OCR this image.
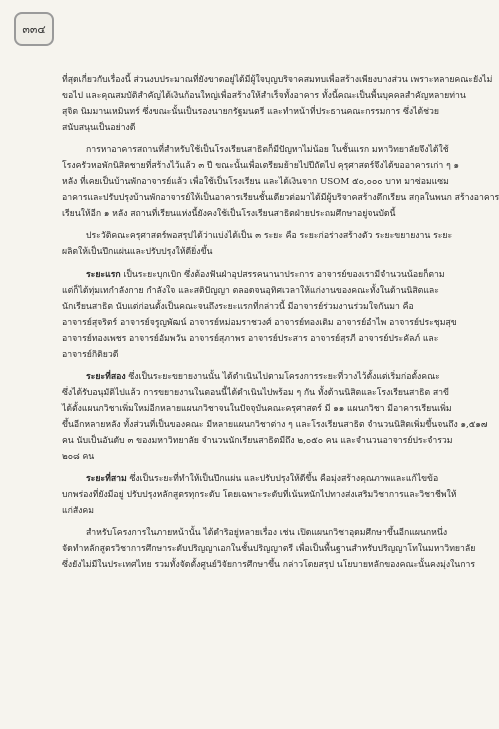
๓๓๔
ที่สุดเกี่ยวกับเรื่องนี้ ส่วนงบประมาณที่ยังขาดอยู่ได้มีผู้ใจบุญบริจาคสมทบเพื่อสร้างเพียงบางส่วน เพราะหลายคณะยังไม่
ขอไป และคุณสมบัติสำคัญได้เงินก้อนใหญ่เพื่อสร้างให้สำเร็จทั้งอาคาร ทั้งนี้คณะเป็นพื้นบุคคลสำคัญหลายท่าน
สุจิต นิมมานเหมินทร์ ซึ่งขณะนั้นเป็นรองนายกรัฐมนตรี และทำหน้าที่ประธานคณะกรรมการ ซึ่งได้ช่วย
สนับสนุนเป็นอย่างดี
การหาอาคารสถานที่สำหรับใช้เป็นโรงเรียนสาธิตก็มีปัญหาไม่น้อย ในชั้นแรก มหาวิทยาลัยจึงได้ใช้
โรงครัวหอพักนิสิตชายที่สร้างไว้แล้ว ๓ ปี ขณะนั้นเพื่อเตรียมย้ายไปปีถัดไป คุรุศาสตร์จึงได้ขออาคารเก่า ๆ ๑
หลัง ที่เคยเป็นบ้านพักอาจารย์แล้ว เพื่อใช้เป็นโรงเรียน และได้เงินจาก USOM ๕๐,๐๐๐ บาท มาซ่อมแซม
อาคารและปรับปรุงบ้านพักอาจารย์ให้เป็นอาคารเรียนชั้นเดียวต่อมาได้มีผู้บริจาคสร้างตึกเรียน สกุลในพนก สร้างอาคาร
เรียนให้อีก ๑ หลัง สถานที่เรียนแห่งนี้ยังคงใช้เป็นโรงเรียนสาธิตฝ่ายประถมศึกษาอยู่จนบัดนี้
ประวัติคณะครุศาสตร์พอสรุปได้ว่าแบ่งได้เป็น ๓ ระยะ คือ ระยะก่อร่างสร้างตัว ระยะขยายงาน ระยะ
ผลิตให้เป็นปึกแผ่นและปรับปรุงให้ดียิ่งขึ้น
ระยะแรก เป็นระยะบุกเบิก ซึ่งต้องฟันฝ่าอุปสรรคนานาประการ อาจารย์ของเรามีจำนวนน้อยก็ตาม
แต่ก็ได้ทุ่มเทกำลังกาย กำลังใจ และสติปัญญา ตลอดจนอุทิศเวลาให้แก่งานของคณะทั้งในด้านนิสิตและ
นักเรียนสาธิต นับแต่ก่อนตั้งเป็นคณะจนถึงระยะแรกที่กล่าวนี้ มีอาจารย์ร่วมงานร่วมใจกันมา คือ
อาจารย์สุจริตร์ อาจารย์จรูญพัฒน์ อาจารย์หม่อมราชวงศ์ อาจารย์ทองเติม อาจารย์อำไพ อาจารย์ประชุมสุข
อาจารย์ทองเพชร อาจารย์อัมพวัน อาจารย์สุภาพร อาจารย์ประสาร อาจารย์สุรภี อาจารย์ประคัลภ์ และ
อาจารย์กิติยวดี
ระยะที่สอง ซึ่งเป็นระยะขยายงานนั้น ได้ดำเนินไปตามโครงการระยะที่วางไว้ตั้งแต่เริ่มก่อตั้งคณะ
ซึ่งได้รับอนุมัติไปแล้ว การขยายงานในตอนนี้ได้ดำเนินไปพร้อม ๆ กัน ทั้งด้านนิสิตและโรงเรียนสาธิต สาขี
ได้ตั้งแผนกวิชาเพิ่มใหม่อีกหลายแผนกวิชาจนในปัจจุบันคณะครุศาสตร์ มี ๑๑ แผนกวิชา มีอาคารเรียนเพิ่ม
ขึ้นอีกหลายหลัง ทั้งส่วนที่เป็นของคณะ มีหลายแผนกวิชาต่าง ๆ และโรงเรียนสาธิต จำนวนนิสิตเพิ่มขึ้นจนถึง ๑,๕๑๗
คน นับเป็นอันดับ ๓ ของมหาวิทยาลัย จำนวนนักเรียนสาธิตมีถึง ๒,๐๕๐ คน และจำนวนอาจารย์ประจำรวม
๒๐๘ คน
ระยะที่สาม ซึ่งเป็นระยะที่ทำให้เป็นปึกแผ่น และปรับปรุงให้ดีขึ้น คือมุ่งสร้างคุณภาพและแก้ไขข้อ
บกพร่องที่ยังมีอยู่ ปรับปรุงหลักสูตรทุกระดับ โดยเฉพาะระดับที่เน้นหนักไปทางส่งเสริมวิชาการและวิชาชีพให้
แก่สังคม
สำหรับโครงการในภายหน้านั้น ได้ดำริอยู่หลายเรื่อง เช่น เปิดแผนกวิชาอุดมศึกษาขึ้นอีกแผนกหนึ่ง
จัดทำหลักสูตรวิชาการศึกษาระดับปริญญาเอกในชั้นปริญญาตรี เพื่อเป็นพื้นฐานสำหรับปริญญาโทในมหาวิทยาลัย
ซึ่งยังไม่มีในประเทศไทย รวมทั้งจัดตั้งศูนย์วิจัยการศึกษาขึ้น กล่าวโดยสรุป นโยบายหลักของคณะนั้นคงมุ่งในการ
